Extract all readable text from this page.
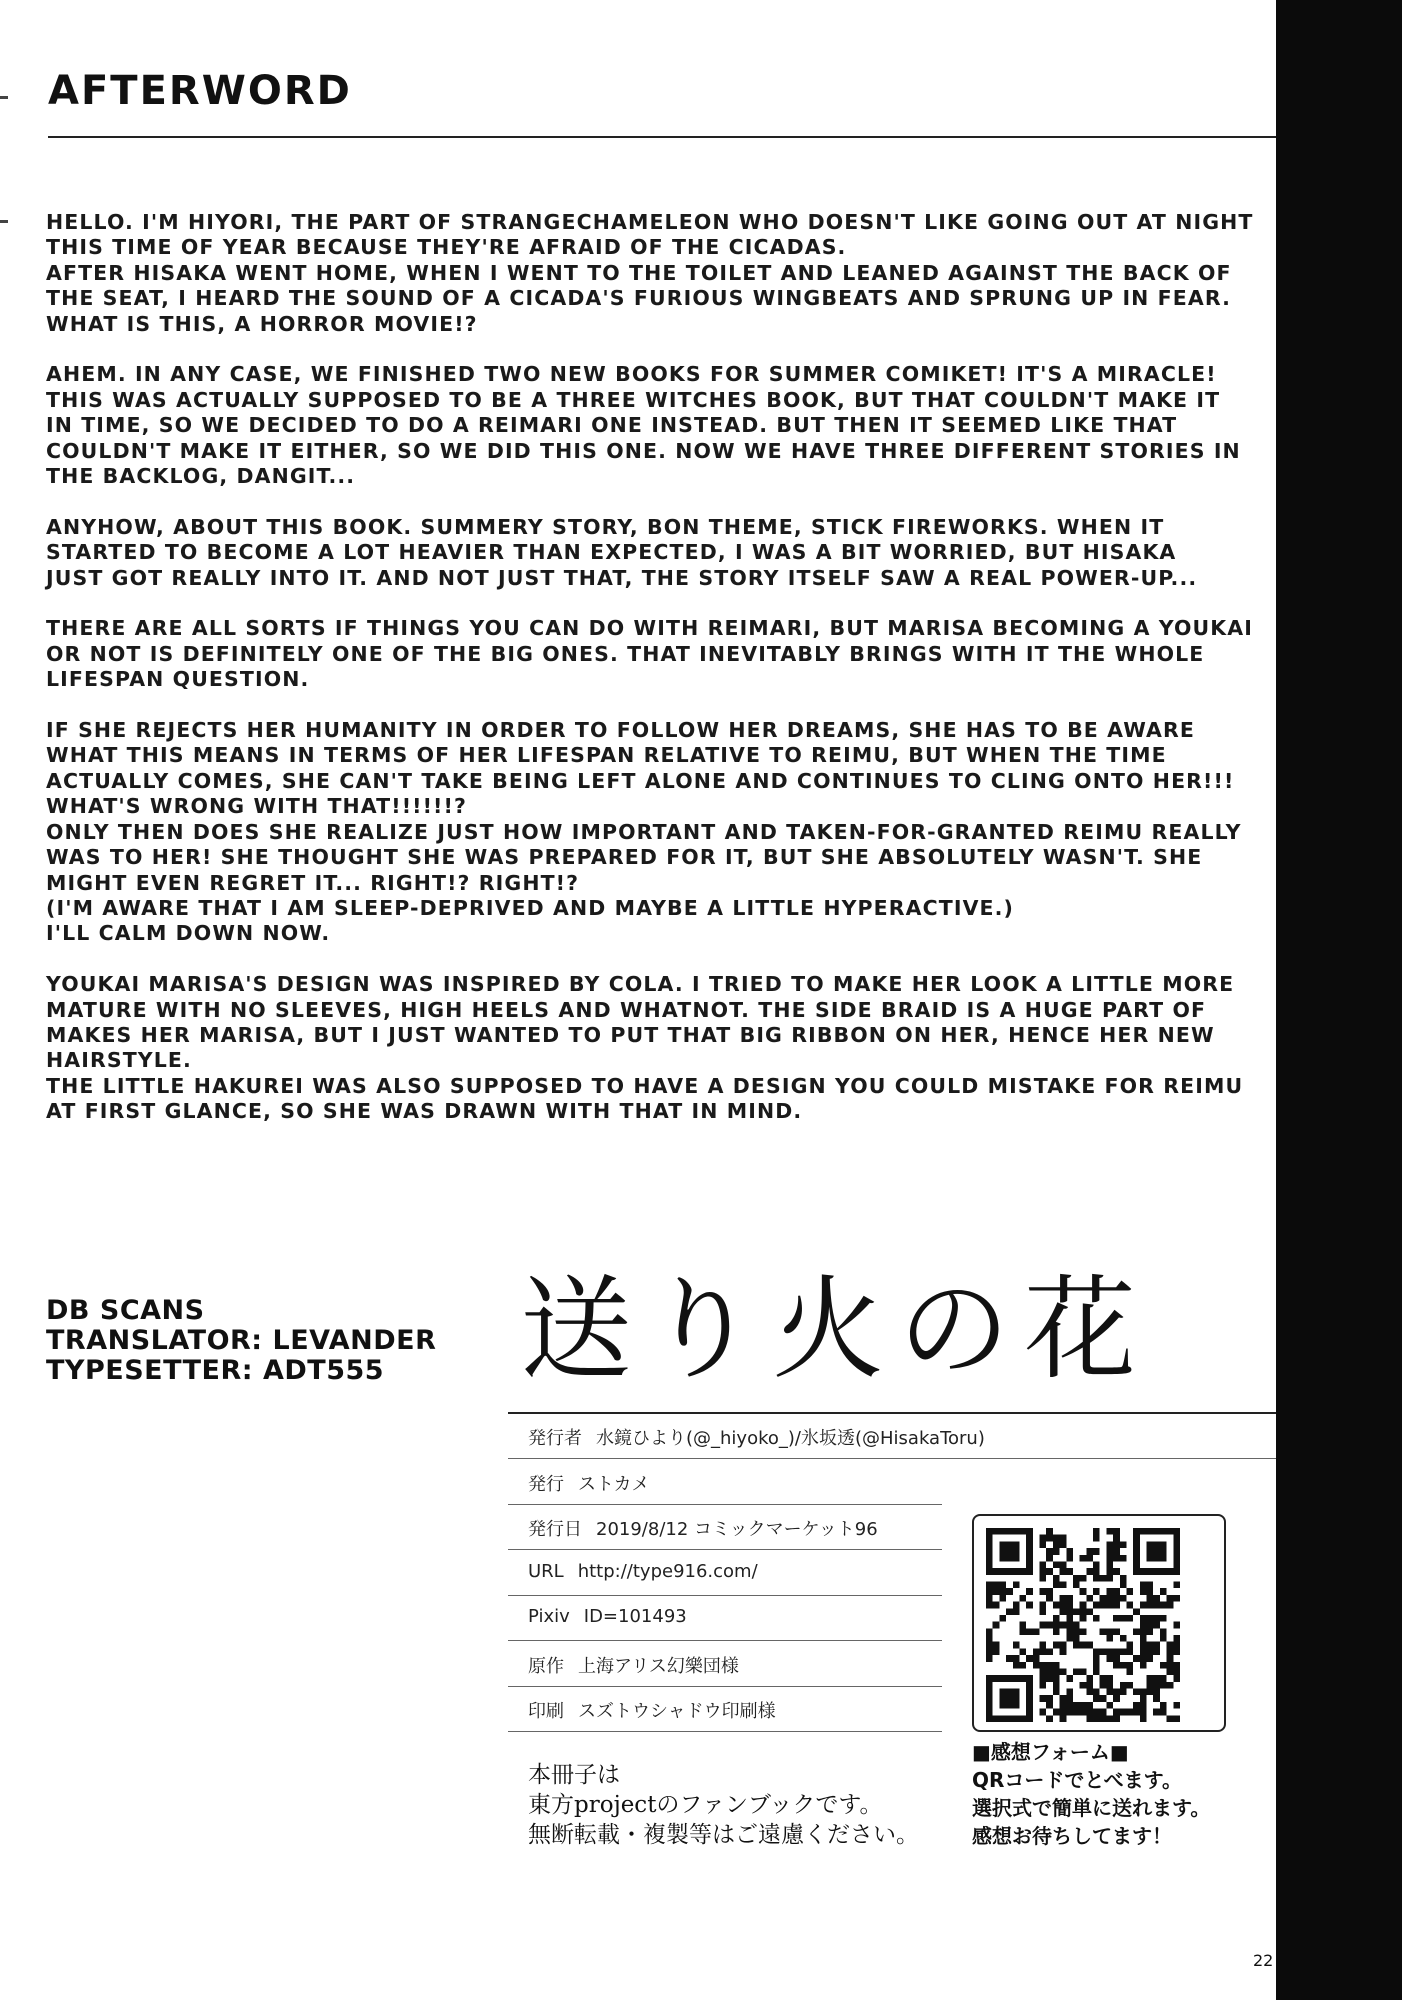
AFTERWORD
HELLO. I'M HIYORI, THE PART OF STRANGECHAMELEON WHO DOESN'T LIKE GOING OUT AT NIGHT
THIS TIME OF YEAR BECAUSE THEY'RE AFRAID OF THE CICADAS.
AFTER HISAKA WENT HOME, WHEN I WENT TO THE TOILET AND LEANED AGAINST THE BACK OF
THE SEAT, I HEARD THE SOUND OF A CICADA'S FURIOUS WINGBEATS AND SPRUNG UP IN FEAR.
WHAT IS THIS, A HORROR MOVIE!?
AHEM. IN ANY CASE, WE FINISHED TWO NEW BOOKS FOR SUMMER COMIKET! IT'S A MIRACLE!
THIS WAS ACTUALLY SUPPOSED TO BE A THREE WITCHES BOOK, BUT THAT COULDN'T MAKE IT
IN TIME, SO WE DECIDED TO DO A REIMARI ONE INSTEAD. BUT THEN IT SEEMED LIKE THAT
COULDN'T MAKE IT EITHER, SO WE DID THIS ONE. NOW WE HAVE THREE DIFFERENT STORIES IN
THE BACKLOG, DANGIT...
ANYHOW, ABOUT THIS BOOK. SUMMERY STORY, BON THEME, STICK FIREWORKS. WHEN IT
STARTED TO BECOME A LOT HEAVIER THAN EXPECTED, I WAS A BIT WORRIED, BUT HISAKA
JUST GOT REALLY INTO IT. AND NOT JUST THAT, THE STORY ITSELF SAW A REAL POWER-UP...
THERE ARE ALL SORTS IF THINGS YOU CAN DO WITH REIMARI, BUT MARISA BECOMING A YOUKAI
OR NOT IS DEFINITELY ONE OF THE BIG ONES. THAT INEVITABLY BRINGS WITH IT THE WHOLE
LIFESPAN QUESTION.
IF SHE REJECTS HER HUMANITY IN ORDER TO FOLLOW HER DREAMS, SHE HAS TO BE AWARE
WHAT THIS MEANS IN TERMS OF HER LIFESPAN RELATIVE TO REIMU, BUT WHEN THE TIME
ACTUALLY COMES, SHE CAN'T TAKE BEING LEFT ALONE AND CONTINUES TO CLING ONTO HER!!!
WHAT'S WRONG WITH THAT!!!!!!?
ONLY THEN DOES SHE REALIZE JUST HOW IMPORTANT AND TAKEN-FOR-GRANTED REIMU REALLY
WAS TO HER! SHE THOUGHT SHE WAS PREPARED FOR IT, BUT SHE ABSOLUTELY WASN'T. SHE
MIGHT EVEN REGRET IT... RIGHT!? RIGHT!?
(I'M AWARE THAT I AM SLEEP-DEPRIVED AND MAYBE A LITTLE HYPERACTIVE.)
I'LL CALM DOWN NOW.
YOUKAI MARISA'S DESIGN WAS INSPIRED BY COLA. I TRIED TO MAKE HER LOOK A LITTLE MORE
MATURE WITH NO SLEEVES, HIGH HEELS AND WHATNOT. THE SIDE BRAID IS A HUGE PART OF
MAKES HER MARISA, BUT I JUST WANTED TO PUT THAT BIG RIBBON ON HER, HENCE HER NEW
HAIRSTYLE.
THE LITTLE HAKUREI WAS ALSO SUPPOSED TO HAVE A DESIGN YOU COULD MISTAKE FOR REIMU
AT FIRST GLANCE, SO SHE WAS DRAWN WITH THAT IN MIND.
DB SCANS
TRANSLATOR: LEVANDER
TYPESETTER: ADT555	送り火の花
発行者 水鏡ひより(@_hiyoko_)/氷坂透(@HisakaToru)
発行 ストカメ
発行日 2019/8/12 コミックマーケット96
URL http://type916.com/
Pixiv ID=101493
原作 上海アリス幻樂団様
印刷 スズトウシャドウ印刷様
■感想フォーム■
QRコードでとべます。
選択式で簡単に送れます。
感想お待ちしてます！
本冊子は
東方projectのファンブックです。
無断転載・複製等はご遠慮ください。
22
